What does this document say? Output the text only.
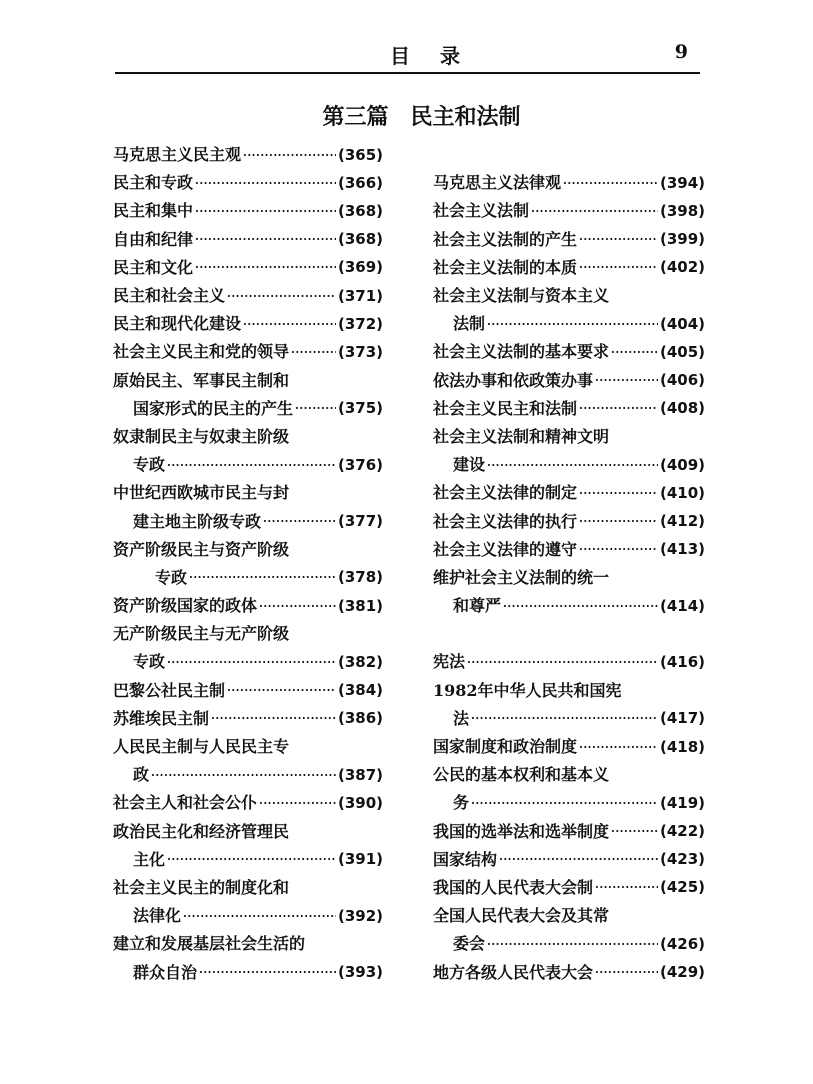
目录	9
第三篇　民主和法制
马克思主义民主观 ·····	(365)
民主和专政 ·····	(366)
民主和集中 ·····	(368)
自由和纪律 ·····	(368)
民主和文化 ·····	(369)
民主和社会主义 ·····	(371)
民主和现代化建设 ·····	(372)
社会主义民主和党的领导 ·····	(373)
原始民主、军事民主制和
国家形式的民主的产生 ·····	(375)
奴隶制民主与奴隶主阶级
专政 ·····	(376)
中世纪西欧城市民主与封
建主地主阶级专政 ·····	(377)
资产阶级民主与资产阶级
专政 ·····	(378)
资产阶级国家的政体 ·····	(381)
无产阶级民主与无产阶级
专政 ·····	(382)
巴黎公社民主制 ·····	(384)
苏维埃民主制 ·····	(386)
人民民主制与人民民主专
政 ·····	(387)
社会主人和社会公仆 ·····	(390)
政治民主化和经济管理民
主化 ·····	(391)
社会主义民主的制度化和
法律化 ·····	(392)
建立和发展基层社会生活的
群众自治 ·····	(393)
马克思主义法律观 ·····	(394)
社会主义法制 ·····	(398)
社会主义法制的产生 ·····	(399)
社会主义法制的本质 ·····	(402)
社会主义法制与资本主义
法制 ·····	(404)
社会主义法制的基本要求 ·····	(405)
依法办事和依政策办事 ·····	(406)
社会主义民主和法制 ·····	(408)
社会主义法制和精神文明
建设 ·····	(409)
社会主义法律的制定 ·····	(410)
社会主义法律的执行 ·····	(412)
社会主义法律的遵守 ·····	(413)
维护社会主义法制的统一
和尊严 ·····	(414)
宪法 ·····	(416)
1982年中华人民共和国宪
法 ·····	(417)
国家制度和政治制度 ·····	(418)
公民的基本权利和基本义
务 ·····	(419)
我国的选举法和选举制度 ·····	(422)
国家结构 ·····	(423)
我国的人民代表大会制 ·····	(425)
全国人民代表大会及其常
委会 ·····	(426)
地方各级人民代表大会 ·····	(429)
